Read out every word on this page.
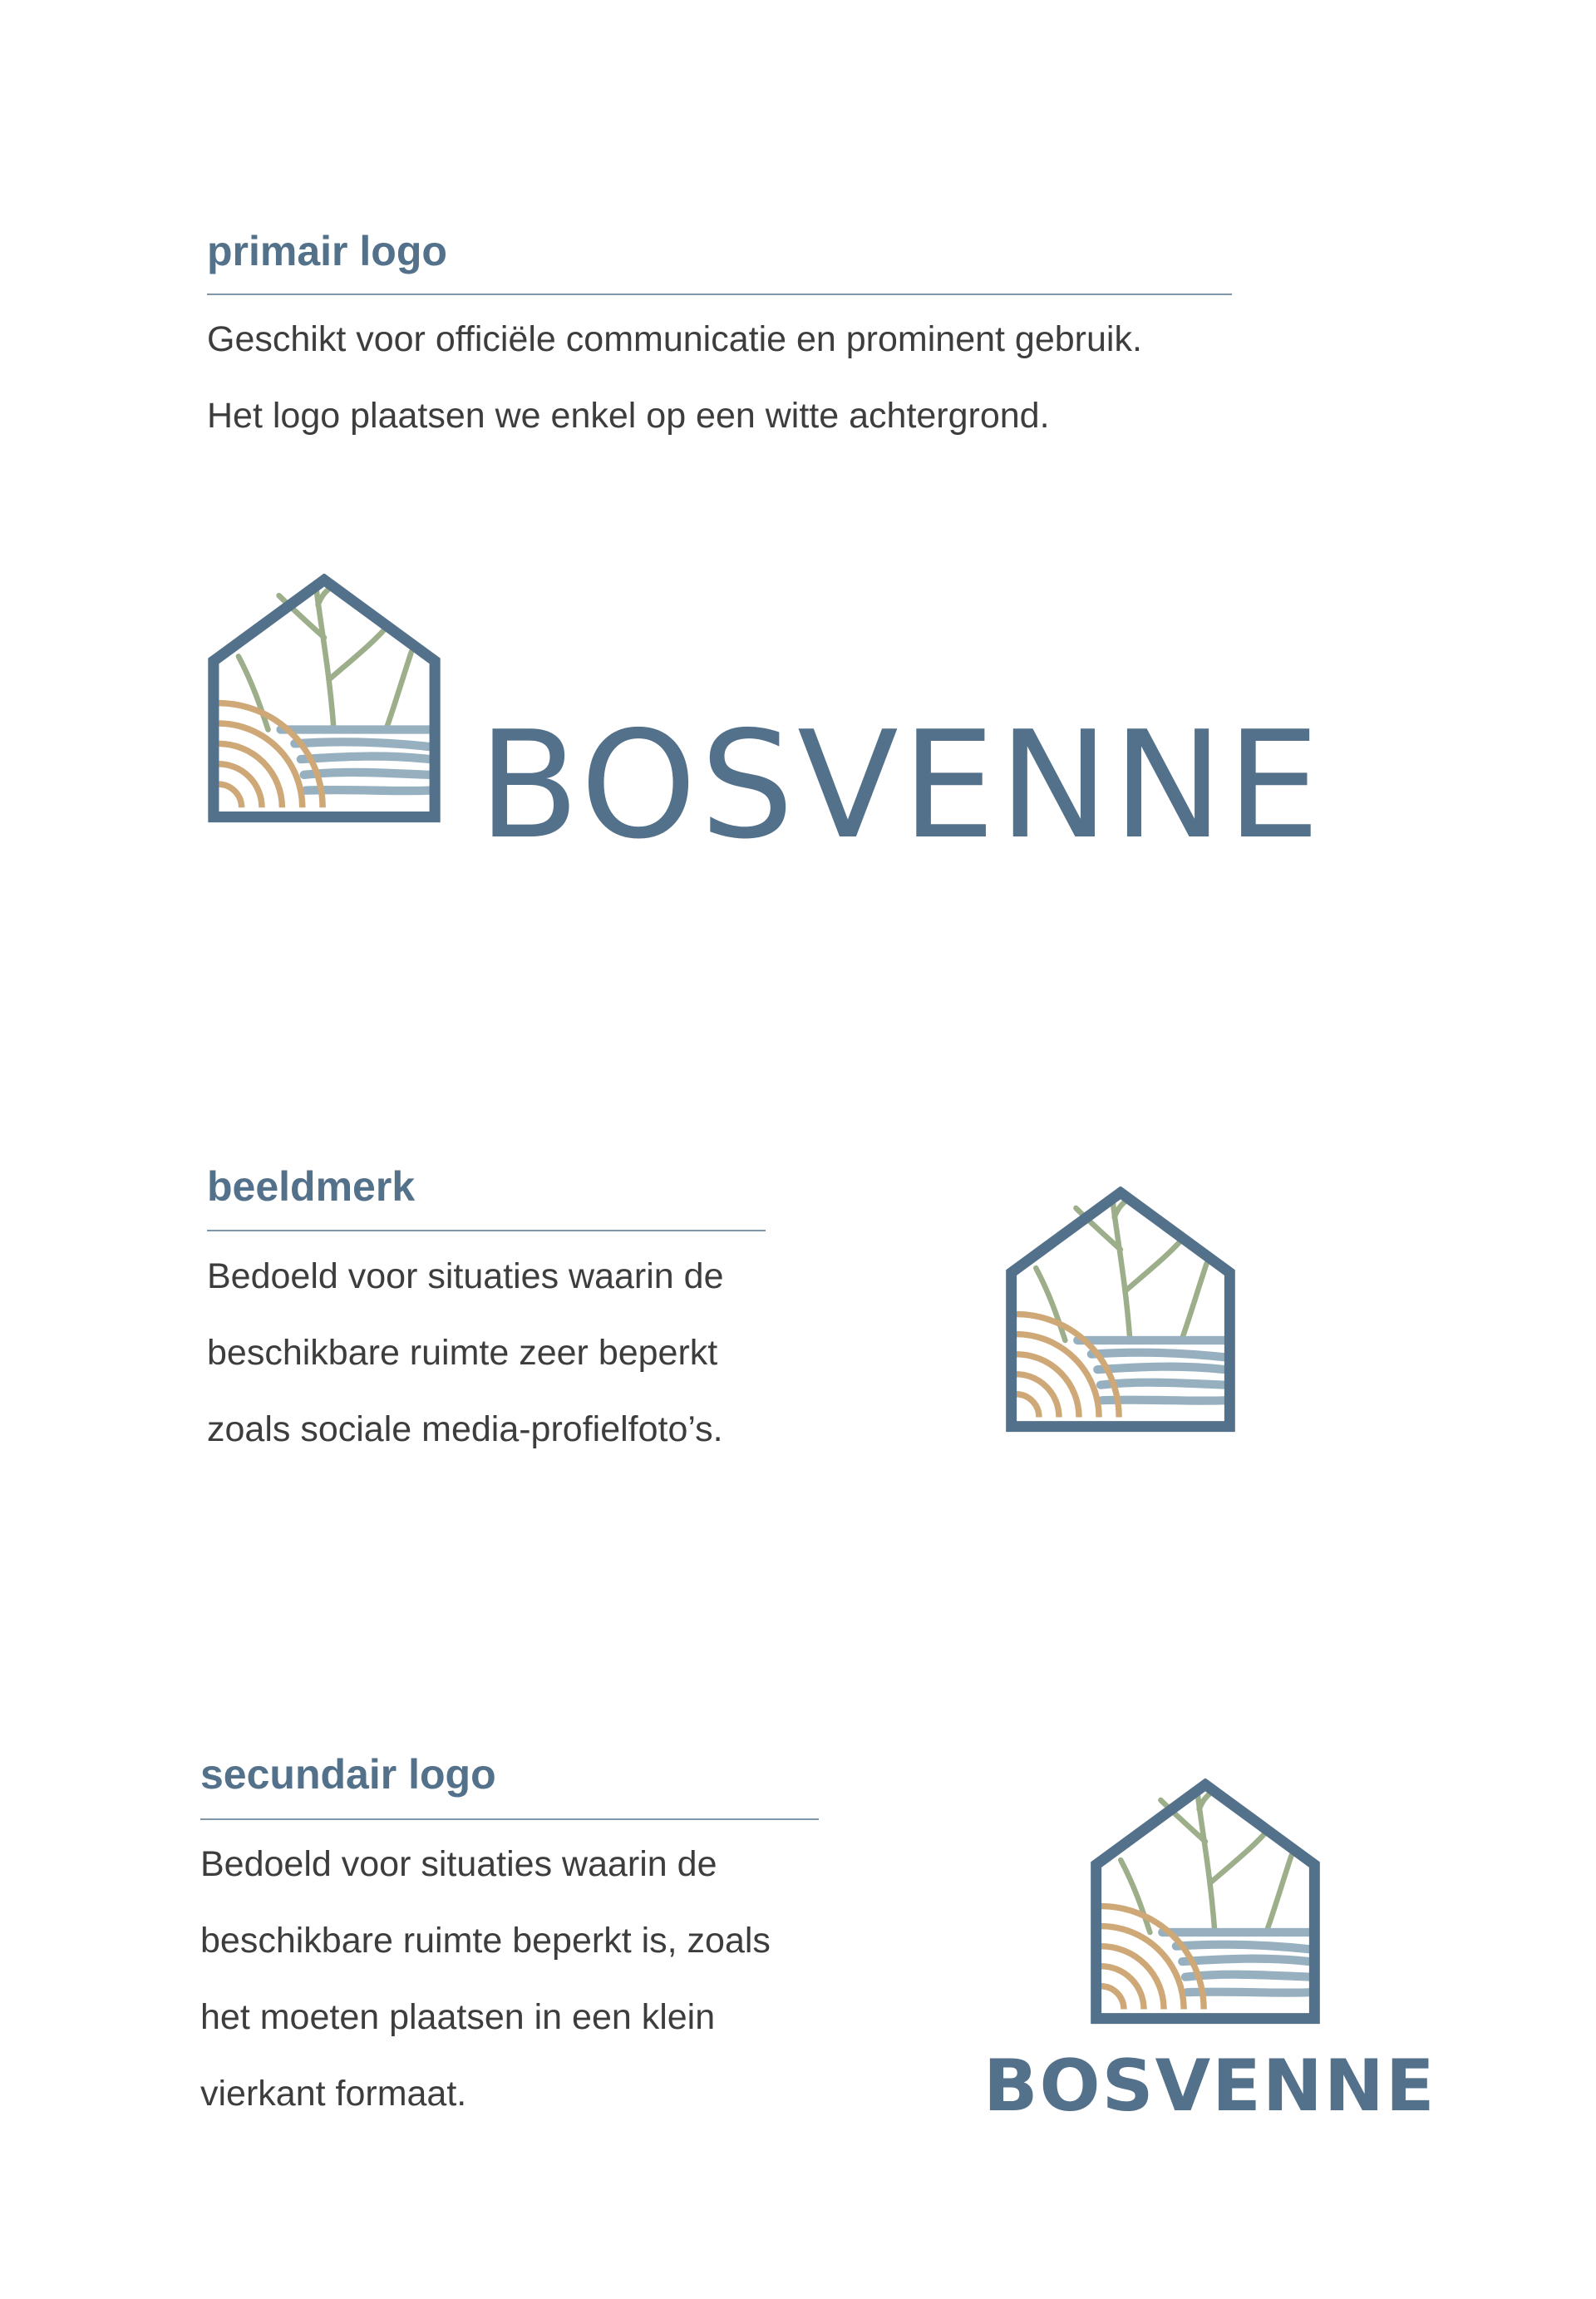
primair logo

Geschikt voor officiële communicatie en prominent gebruik.

Het logo plaatsen we enkel op een witte achtergrond.

BOSVENNE
beeldmerk

Bedoeld voor situaties waarin de

beschikbare ruimte zeer beperkt

zoals sociale media-profielfoto’s.

secundair logo

Bedoeld voor situaties waarin de

beschikbare ruimte beperkt is, zoals

het moeten plaatsen in een klein

vierkant formaat.	BOSVENNE
